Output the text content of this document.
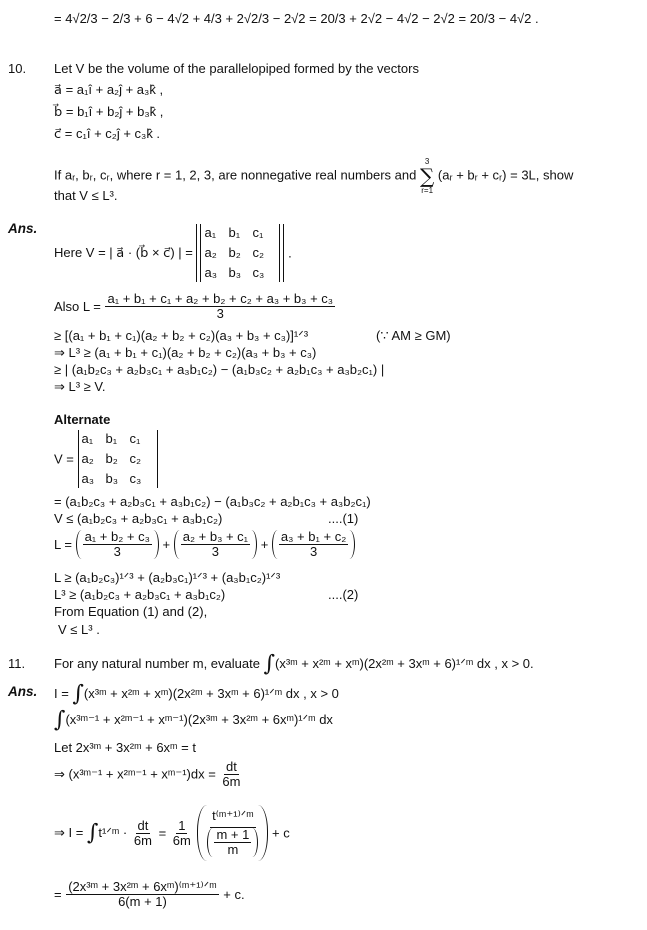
= 4√2/3 − 2/3 + 6 − 4√2 + 4/3 + 2√2/3 − 2√2 = 20/3 + 2√2 − 4√2 − 2√2 = 20/3 − 4√2 .
10. Let V be the volume of the parallelopiped formed by the vectors
a⃗ = a₁î + a₂ĵ + a₃k̂ ,
b⃗ = b₁î + b₂ĵ + b₃k̂ ,
c⃗ = c₁î + c₂ĵ + c₃k̂ .
If aᵣ, bᵣ, cᵣ, where r = 1, 2, 3, are nonnegative real numbers and
3
∑
r=1
(aᵣ + bᵣ + cᵣ) = 3L, show
that V ≤ L³.
Ans.
Here V = | a⃗ · (b⃗ × c⃗) | =
a₁ b₁ c₁
a₂ b₂ c₂
a₃ b₃ c₃
.
Also $L = \frac{\text{a₁ + b₁ + c₁ + a₂ + b₂ + c₂ + a₃ + b₃ + c₃}}{3}$
≥ [(a₁ + b₁ + c₁)(a₂ + b₂ + c₂)(a₃ + b₃ + c₃)]¹ᐟ³	(∵ AM ≥ GM)
⇒ L³ ≥ (a₁ + b₁ + c₁)(a₂ + b₂ + c₂)(a₃ + b₃ + c₃)
≥ | (a₁b₂c₃ + a₂b₃c₁ + a₃b₁c₂) − (a₁b₃c₂ + a₂b₁c₃ + a₃b₂c₁) |
⇒ L³ ≥ V.
Alternate
V =
a₁ b₁ c₁
a₂ b₂ c₂
a₃ b₃ c₃
= (a₁b₂c₃ + a₂b₃c₁ + a₃b₁c₂) − (a₁b₃c₂ + a₂b₁c₃ + a₃b₂c₁)
V ≤ (a₁b₂c₃ + a₂b₃c₁ + a₃b₁c₂)	....(1)
$L = \frac{\text{a₁ + b₂ + c₃}}{3} + \frac{\text{a₂ + b₃ + c₁}}{3} + \frac{\text{a₃ + b₁ + c₂}}{3}$
L ≥ (a₁b₂c₃)¹ᐟ³ + (a₂b₃c₁)¹ᐟ³ + (a₃b₁c₂)¹ᐟ³
L³ ≥ (a₁b₂c₃ + a₂b₃c₁ + a₃b₁c₂)	....(2)
From Equation (1) and (2),
V ≤ L³ .
11. For any natural number m, evaluate ∫(x³ᵐ + x²ᵐ + xᵐ)(2x²ᵐ + 3xᵐ + 6)¹ᐟᵐ dx , x > 0.
Ans. I = ∫(x³ᵐ + x²ᵐ + xᵐ)(2x²ᵐ + 3xᵐ + 6)¹ᐟᵐ dx , x > 0
∫(x³ᵐ⁻¹ + x²ᵐ⁻¹ + xᵐ⁻¹)(2x³ᵐ + 3x²ᵐ + 6xᵐ)¹ᐟᵐ dx
Let 2x³ᵐ + 3x²ᵐ + 6xᵐ = t
⇒ (x³ᵐ⁻¹ + x²ᵐ⁻¹ + xᵐ⁻¹)dx = $\frac{dt}{6m}$
⇒ I = ∫t¹ᐟᵐ · $\frac{dt}{6m} = \frac{1}{6m}$
$\frac{\text{t⁽ᵐ⁺¹⁾ᐟᵐ}}{\frac{m + 1}{m}} + c$
= $\frac{\text{(2x³ᵐ + 3x²ᵐ + 6xᵐ)⁽ᵐ⁺¹⁾ᐟᵐ}}{6(m + 1)} + c$.
